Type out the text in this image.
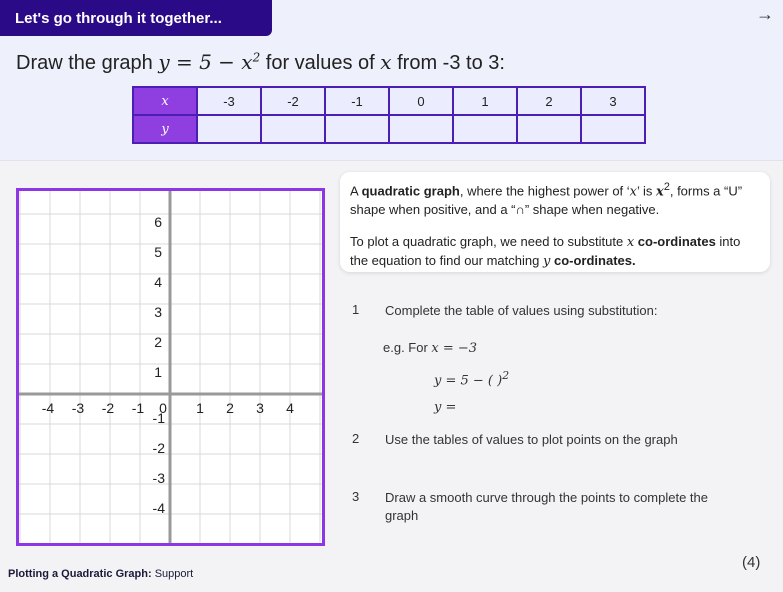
Let's go through it together...	→
Draw the graph $y = 5 - x^2$ for values of x from -3 to 3:
x	-3	-2	-1	0	1	2	3
y							
-4 -3 -2 -1 0 1 2 3 4
6
5
4
3
2
1
-1
-2
-3
-4

A quadratic graph, where the highest power of ‘x’ is $x^2$, forms a “U” shape when positive, and a “∩” shape when negative.

To plot a quadratic graph, we need to substitute x co-ordinates into the equation to find our matching y co-ordinates.

1 Complete the table of values using substitution:
e.g. For x = −3
y = 5 − ( )$^2$
y =
2 Use the tables of values to plot points on the graph
3 Draw a smooth curve through the points to complete the graph
(4)
Plotting a Quadratic Graph: Support
